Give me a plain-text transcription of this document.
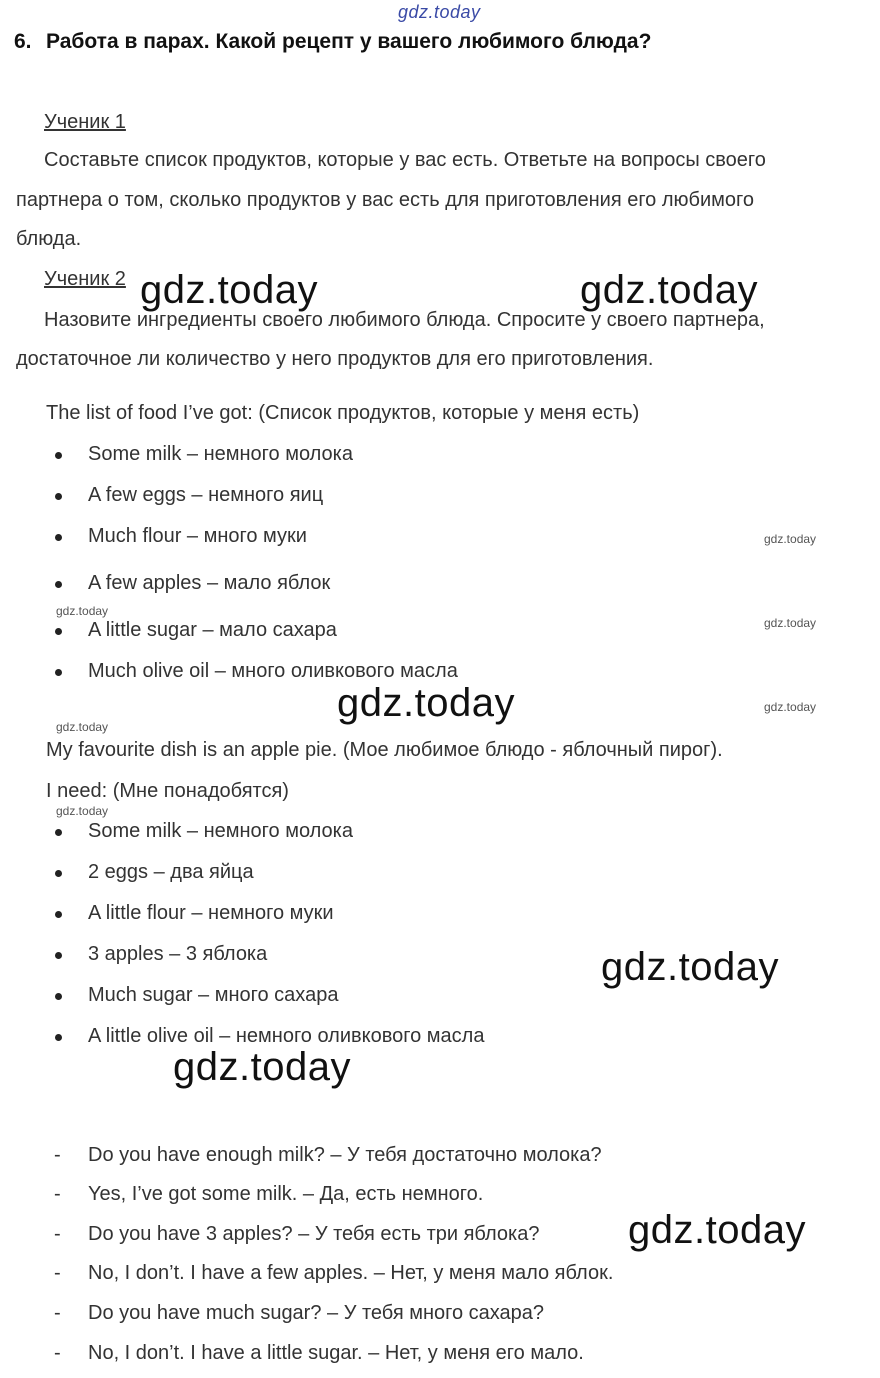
gdz.today
6. Работа в парах. Какой рецепт у вашего любимого блюда?
Ученик 1
Составьте список продуктов, которые у вас есть. Ответьте на вопросы своего
партнера о том, сколько продуктов у вас есть для приготовления его любимого
блюда.
Ученик 2
Назовите ингредиенты своего любимого блюда. Спросите у своего партнера,
достаточное ли количество у него продуктов для его приготовления.
The list of food I’ve got: (Список продуктов, которые у меня есть)
Some milk – немного молока
A few eggs – немного яиц
Much flour – много муки
A few apples – мало яблок
A little sugar – мало сахара
Much olive oil – много оливкового масла
My favourite dish is an apple pie. (Мое любимое блюдо - яблочный пирог).
I need: (Мне понадобятся)
Some milk – немного молока
2 eggs – два яйца
A little flour – немного муки
3 apples – 3 яблока
Much sugar – много сахара
A little olive oil – немного оливкового масла
- Do you have enough milk? – У тебя достаточно молока?
- Yes, I’ve got some milk. – Да, есть немного.
- Do you have 3 apples? – У тебя есть три яблока?
- No, I don’t. I have a few apples. – Нет, у меня мало яблок.
- Do you have much sugar? – У тебя много сахара?
- No, I don’t. I have a little sugar. – Нет, у меня его мало.
gdz.today	gdz.today
gdz.today
gdz.today
gdz.today
gdz.today
gdz.today
gdz.today
gdz.today
gdz.today
gdz.today
gdz.today
